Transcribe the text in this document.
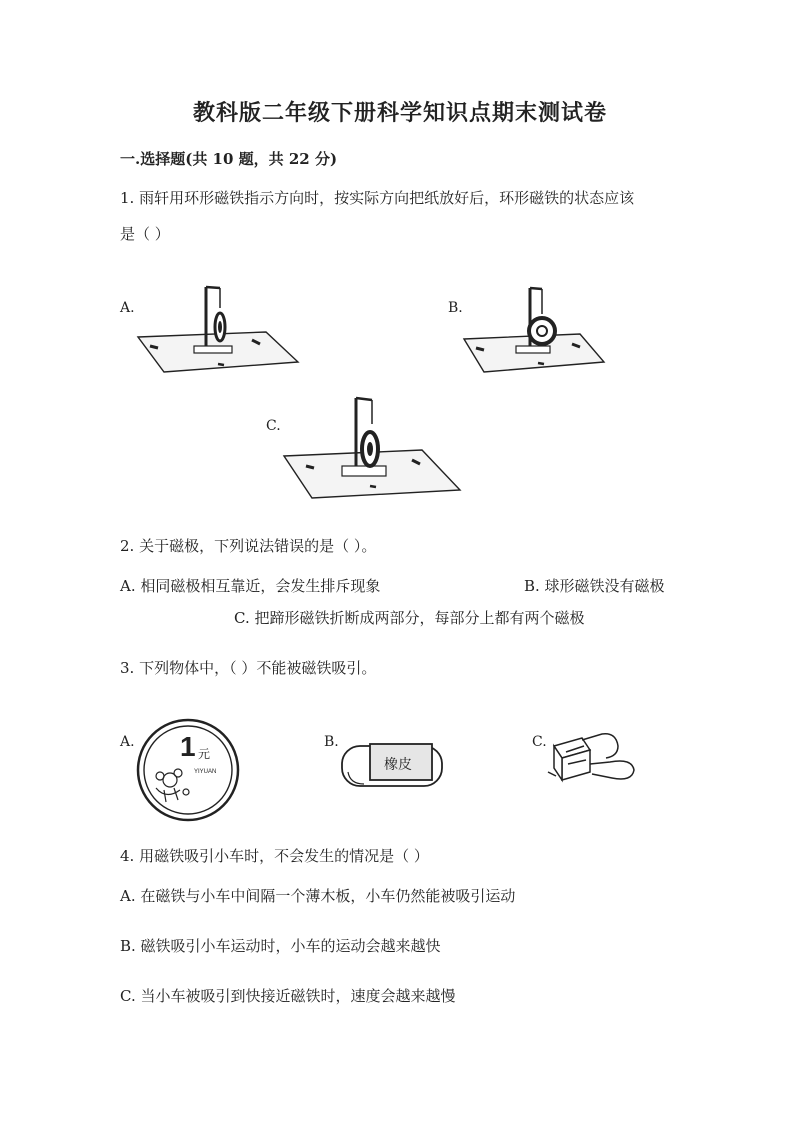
教科版二年级下册科学知识点期末测试卷
一.选择题(共 10 题，共 22 分)
1. 雨轩用环形磁铁指示方向时，按实际方向把纸放好后，环形磁铁的状态应该
是（ ）
A.	B.
C.
2. 关于磁极，下列说法错误的是（ ）。
A. 相同磁极相互靠近，会发生排斥现象	B. 球形磁铁没有磁极
C. 把蹄形磁铁折断成两部分，每部分上都有两个磁极
3. 下列物体中，（ ）不能被磁铁吸引。
A. 1 元
YIYUAN
B.
橡皮
C.
4. 用磁铁吸引小车时，不会发生的情况是（ ）
A. 在磁铁与小车中间隔一个薄木板，小车仍然能被吸引运动
B. 磁铁吸引小车运动时，小车的运动会越来越快
C. 当小车被吸引到快接近磁铁时，速度会越来越慢
